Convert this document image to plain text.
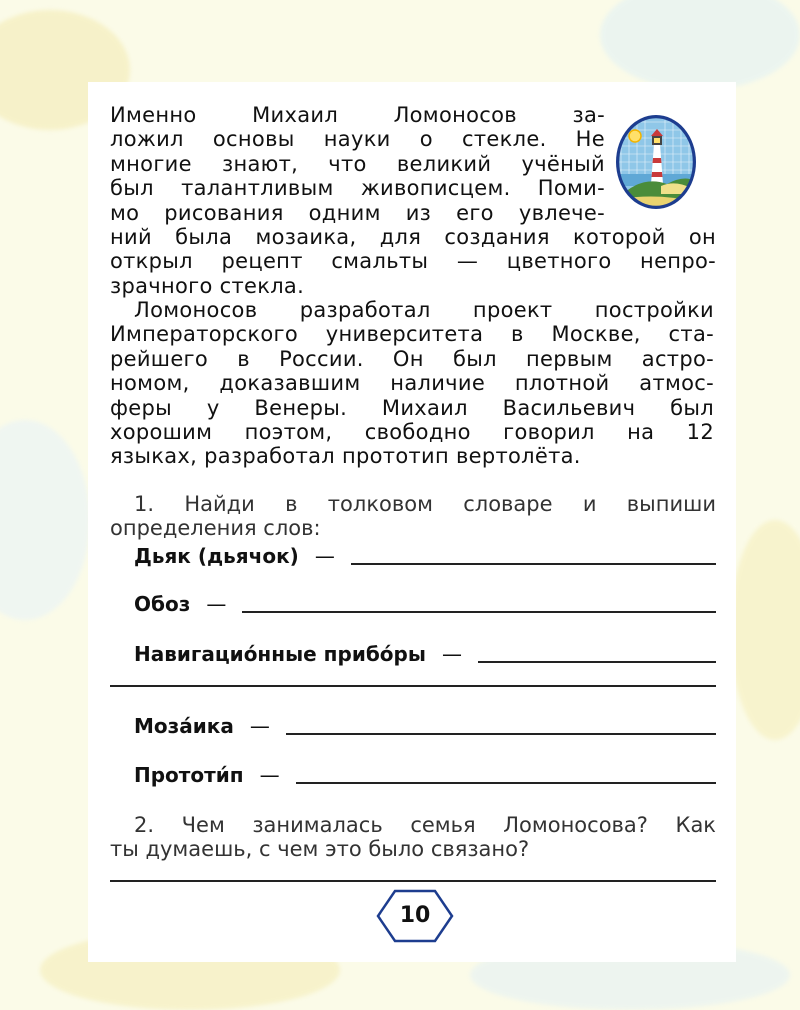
Именно Михаил Ломоносов за-
ложил основы науки о стекле. Не
многие знают, что великий учёный
был талантливым живописцем. Поми-
мо рисования одним из его увлече-
ний была мозаика, для создания которой он
открыл рецепт смальты — цветного непро-
зрачного стекла.

Ломоносов разработал проект постройки
Императорского университета в Москве, ста-
рейшего в России. Он был первым астро-
номом, доказавшим наличие плотной атмос-
феры у Венеры. Михаил Васильевич был
хорошим поэтом, свободно говорил на 12
языках, разработал прототип вертолёта.

1. Найди в толковом словаре и выпиши
определения слов:
Дьяк (дьячок) —
Обоз —
Навигацио́нные прибо́ры —
Моза́ика —
Прототи́п —
2. Чем занималась семья Ломоносова? Как
ты думаешь, с чем это было связано?
10
